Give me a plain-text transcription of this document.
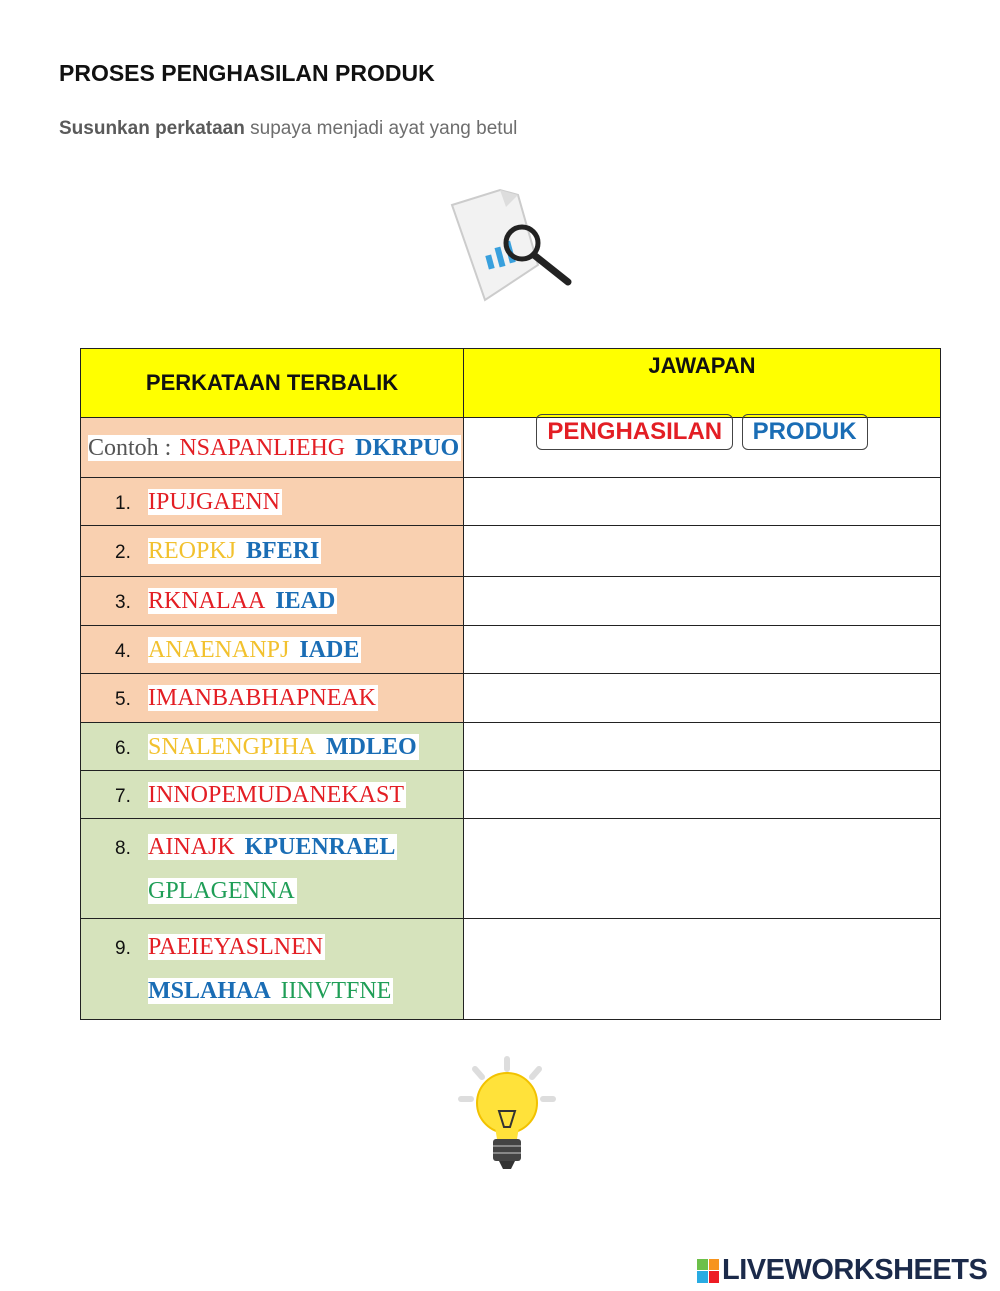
PROSES PENGHASILAN PRODUK
Susunkan perkataan supaya menjadi ayat yang betul
PERKATAAN TERBALIK	JAWAPAN
Contoh : NSAPANLIEHG DKRPUO	PENGHASILAN PRODUK
1. IPUJGAENN	
2. REOPKJ BFERI	
3. RKNALAA IEAD	
4. ANAENANPJ IADE	
5. IMANBABHAPNEAK	
6. SNALENGPIHA MDLEO	
7. INNOPEMUDANEKAST	
8. AINAJK KPUENRAEL
GPLAGENNA

9. PAEIEYASLNEN
MSLAHAA IINVTFNE

LIVEWORKSHEETS
